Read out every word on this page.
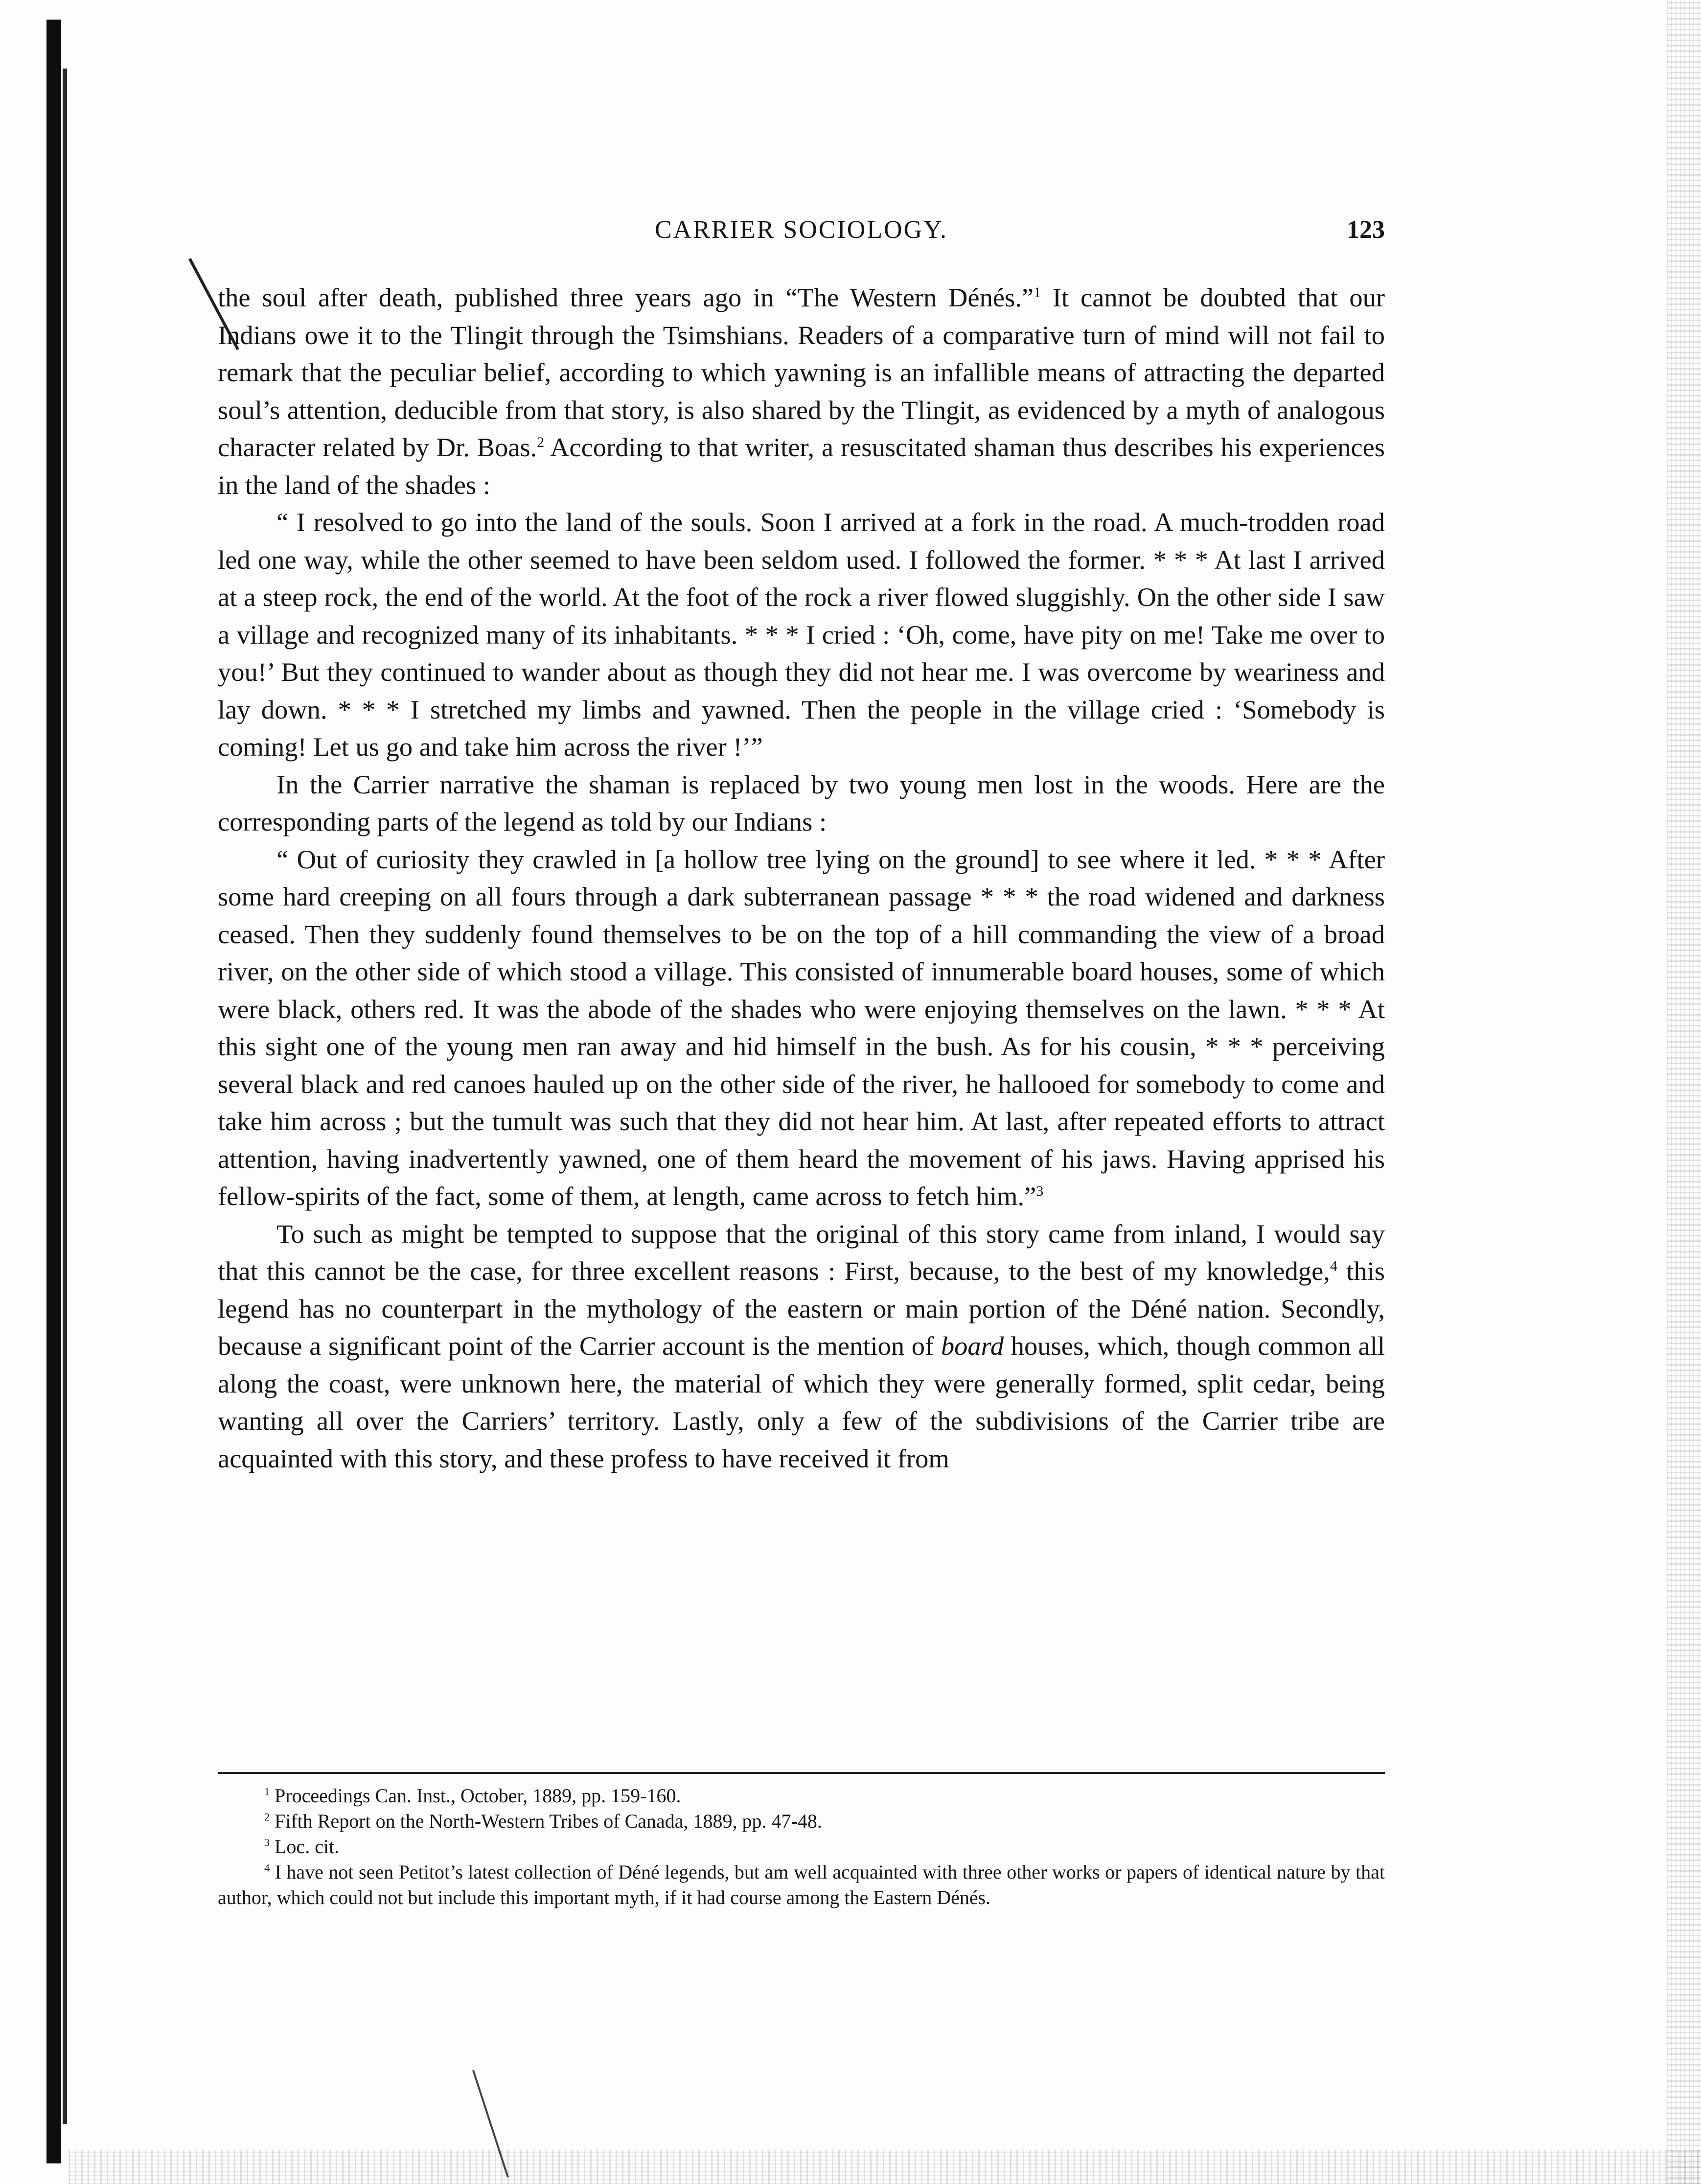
CARRIER SOCIOLOGY.	123

the soul after death, published three years ago in “The Western Dénés.”$^1$ It cannot be doubted that our Indians owe it to the Tlingit through the Tsimshians. Readers of a comparative turn of mind will not fail to remark that the peculiar belief, according to which yawning is an infallible means of attracting the departed soul’s attention, deducible from that story, is also shared by the Tlingit, as evidenced by a myth of analogous character related by Dr. Boas.$^2$ According to that writer, a resuscitated shaman thus describes his experiences in the land of the shades :

“ I resolved to go into the land of the souls. Soon I arrived at a fork in the road. A much-trodden road led one way, while the other seemed to have been seldom used. I followed the former. * * * At last I arrived at a steep rock, the end of the world. At the foot of the rock a river flowed sluggishly. On the other side I saw a village and recognized many of its inhabitants. * * * I cried : ‘Oh, come, have pity on me! Take me over to you!’ But they continued to wander about as though they did not hear me. I was overcome by weariness and lay down. * * * I stretched my limbs and yawned. Then the people in the village cried : ‘Somebody is coming! Let us go and take him across the river !’”

In the Carrier narrative the shaman is replaced by two young men lost in the woods. Here are the corresponding parts of the legend as told by our Indians :

“ Out of curiosity they crawled in [a hollow tree lying on the ground] to see where it led. * * * After some hard creeping on all fours through a dark subterranean passage * * * the road widened and darkness ceased. Then they suddenly found themselves to be on the top of a hill commanding the view of a broad river, on the other side of which stood a village. This consisted of innumerable board houses, some of which were black, others red. It was the abode of the shades who were enjoying themselves on the lawn. * * * At this sight one of the young men ran away and hid himself in the bush. As for his cousin, * * * perceiving several black and red canoes hauled up on the other side of the river, he hallooed for somebody to come and take him across ; but the tumult was such that they did not hear him. At last, after repeated efforts to attract attention, having inadvertently yawned, one of them heard the movement of his jaws. Having apprised his fellow-spirits of the fact, some of them, at length, came across to fetch him.”$^3$

To such as might be tempted to suppose that the original of this story came from inland, I would say that this cannot be the case, for three excellent reasons : First, because, to the best of my knowledge,$^4$ this legend has no counterpart in the mythology of the eastern or main portion of the Déné nation. Secondly, because a significant point of the Carrier account is the mention of board houses, which, though common all along the coast, were unknown here, the material of which they were generally formed, split cedar, being wanting all over the Carriers’ territory. Lastly, only a few of the subdivisions of the Carrier tribe are acquainted with this story, and these profess to have received it from

$^1$ Proceedings Can. Inst., October, 1889, pp. 159-160.

$^2$ Fifth Report on the North-Western Tribes of Canada, 1889, pp. 47-48.

$^3$ Loc. cit.

$^4$ I have not seen Petitot’s latest collection of Déné legends, but am well acquainted with three other works or papers of identical nature by that author, which could not but include this important myth, if it had course among the Eastern Dénés.
